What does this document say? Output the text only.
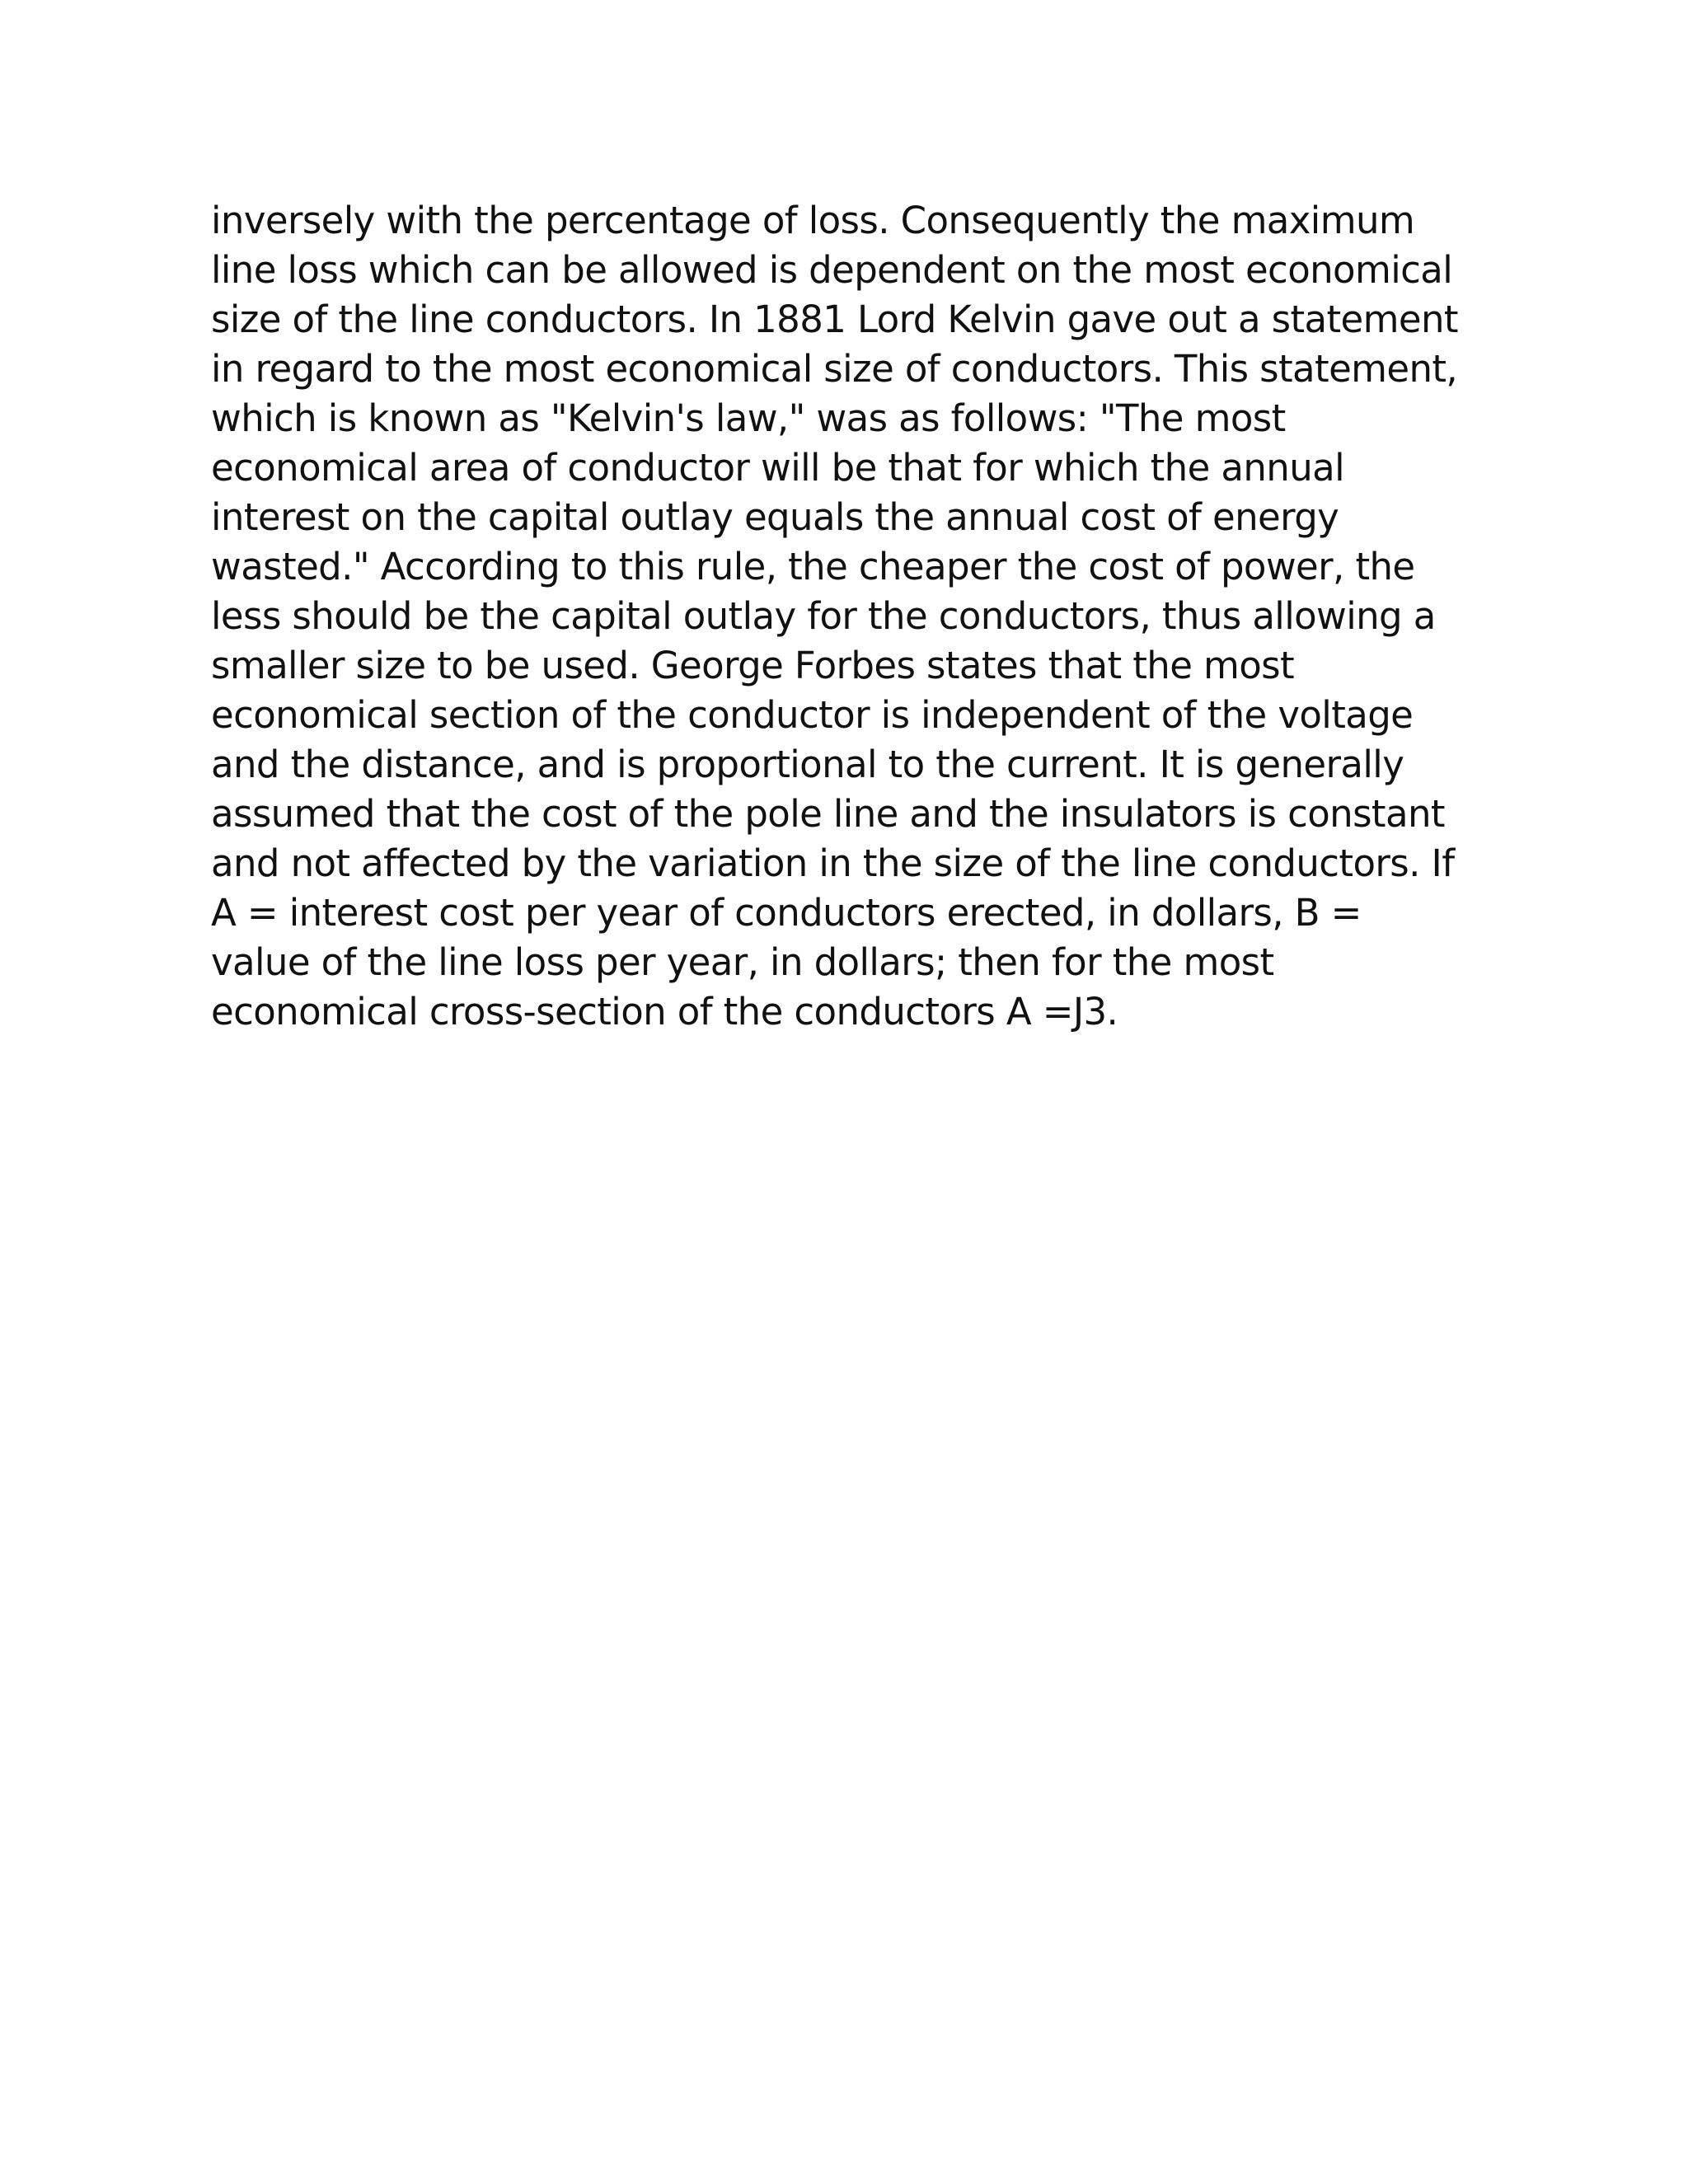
inversely with the percentage of loss. Consequently the maximum
line loss which can be allowed is dependent on the most economical
size of the line conductors. In 1881 Lord Kelvin gave out a statement
in regard to the most economical size of conductors. This statement,
which is known as "Kelvin's law," was as follows: "The most
economical area of conductor will be that for which the annual
interest on the capital outlay equals the annual cost of energy
wasted." According to this rule, the cheaper the cost of power, the
less should be the capital outlay for the conductors, thus allowing a
smaller size to be used. George Forbes states that the most
economical section of the conductor is independent of the voltage
and the distance, and is proportional to the current. It is generally
assumed that the cost of the pole line and the insulators is constant
and not affected by the variation in the size of the line conductors. If
A = interest cost per year of conductors erected, in dollars, B =
value of the line loss per year, in dollars; then for the most
economical cross-section of the conductors A =J3.
